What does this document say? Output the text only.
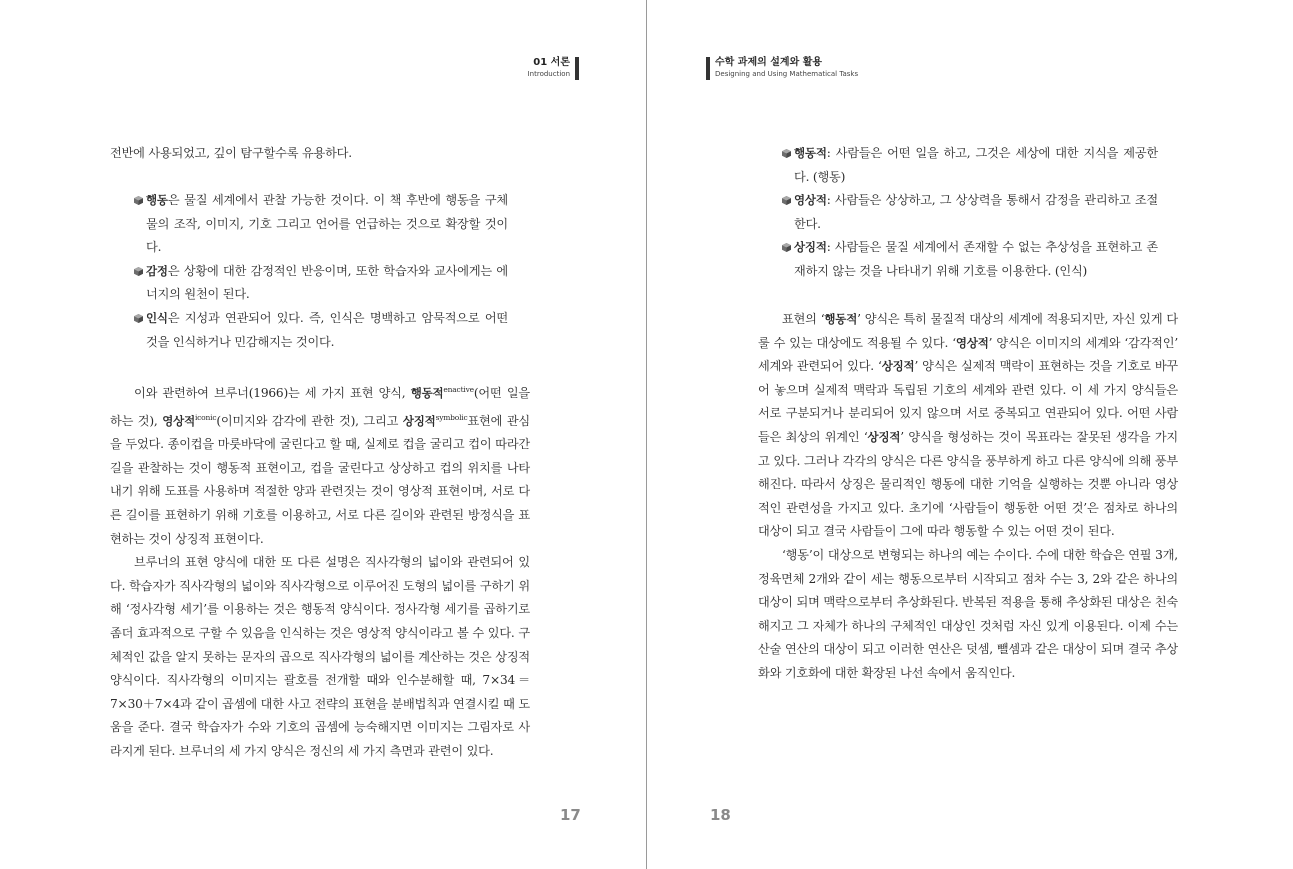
01 서론
Introduction

전반에 사용되었고, 깊이 탐구할수록 유용하다.

행동은 물질 세계에서 관찰 가능한 것이다. 이 책 후반에 행동을 구체물의 조작, 이미지, 기호 그리고 언어를 언급하는 것으로 확장할 것이다.
감정은 상황에 대한 감정적인 반응이며, 또한 학습자와 교사에게는 에너지의 원천이 된다.
인식은 지성과 연관되어 있다. 즉, 인식은 명백하고 암묵적으로 어떤 것을 인식하거나 민감해지는 것이다.

이와 관련하여 브루너(1966)는 세 가지 표현 양식, 행동적$^{enactive}$(어떤 일을 하는 것), 영상적$^{iconic}$(이미지와 감각에 관한 것), 그리고 상징적$^{symbolic}$표현에 관심을 두었다. 종이컵을 마룻바닥에 굴린다고 할 때, 실제로 컵을 굴리고 컵이 따라간 길을 관찰하는 것이 행동적 표현이고, 컵을 굴린다고 상상하고 컵의 위치를 나타내기 위해 도표를 사용하며 적절한 양과 관련짓는 것이 영상적 표현이며, 서로 다른 길이를 표현하기 위해 기호를 이용하고, 서로 다른 길이와 관련된 방정식을 표현하는 것이 상징적 표현이다.

브루너의 표현 양식에 대한 또 다른 설명은 직사각형의 넓이와 관련되어 있다. 학습자가 직사각형의 넓이와 직사각형으로 이루어진 도형의 넓이를 구하기 위해 ‘정사각형 세기’를 이용하는 것은 행동적 양식이다. 정사각형 세기를 곱하기로 좀더 효과적으로 구할 수 있음을 인식하는 것은 영상적 양식이라고 볼 수 있다. 구체적인 값을 알지 못하는 문자의 곱으로 직사각형의 넓이를 계산하는 것은 상징적 양식이다. 직사각형의 이미지는 괄호를 전개할 때와 인수분해할 때, 7×34＝7×30＋7×4과 같이 곱셈에 대한 사고 전략의 표현을 분배법칙과 연결시킬 때 도움을 준다. 결국 학습자가 수와 기호의 곱셈에 능숙해지면 이미지는 그림자로 사라지게 된다. 브루너의 세 가지 양식은 정신의 세 가지 측면과 관련이 있다.

17
수학 과제의 설계와 활용
Designing and Using Mathematical Tasks
행동적: 사람들은 어떤 일을 하고, 그것은 세상에 대한 지식을 제공한다. (행동)
영상적: 사람들은 상상하고, 그 상상력을 통해서 감정을 관리하고 조절한다.
상징적: 사람들은 물질 세계에서 존재할 수 없는 추상성을 표현하고 존재하지 않는 것을 나타내기 위해 기호를 이용한다. (인식)

표현의 ‘행동적’ 양식은 특히 물질적 대상의 세계에 적용되지만, 자신 있게 다룰 수 있는 대상에도 적용될 수 있다. ‘영상적’ 양식은 이미지의 세계와 ‘감각적인’ 세계와 관련되어 있다. ‘상징적’ 양식은 실제적 맥락이 표현하는 것을 기호로 바꾸어 놓으며 실제적 맥락과 독립된 기호의 세계와 관련 있다. 이 세 가지 양식들은 서로 구분되거나 분리되어 있지 않으며 서로 중복되고 연관되어 있다. 어떤 사람들은 최상의 위계인 ‘상징적’ 양식을 형성하는 것이 목표라는 잘못된 생각을 가지고 있다. 그러나 각각의 양식은 다른 양식을 풍부하게 하고 다른 양식에 의해 풍부해진다. 따라서 상징은 물리적인 행동에 대한 기억을 실행하는 것뿐 아니라 영상적인 관련성을 가지고 있다. 초기에 ‘사람들이 행동한 어떤 것’은 점차로 하나의 대상이 되고 결국 사람들이 그에 따라 행동할 수 있는 어떤 것이 된다.

‘행동’이 대상으로 변형되는 하나의 예는 수이다. 수에 대한 학습은 연필 3개, 정육면체 2개와 같이 세는 행동으로부터 시작되고 점차 수는 3, 2와 같은 하나의 대상이 되며 맥락으로부터 추상화된다. 반복된 적용을 통해 추상화된 대상은 친숙해지고 그 자체가 하나의 구체적인 대상인 것처럼 자신 있게 이용된다. 이제 수는 산술 연산의 대상이 되고 이러한 연산은 덧셈, 뺄셈과 같은 대상이 되며 결국 추상화와 기호화에 대한 확장된 나선 속에서 움직인다.

18
